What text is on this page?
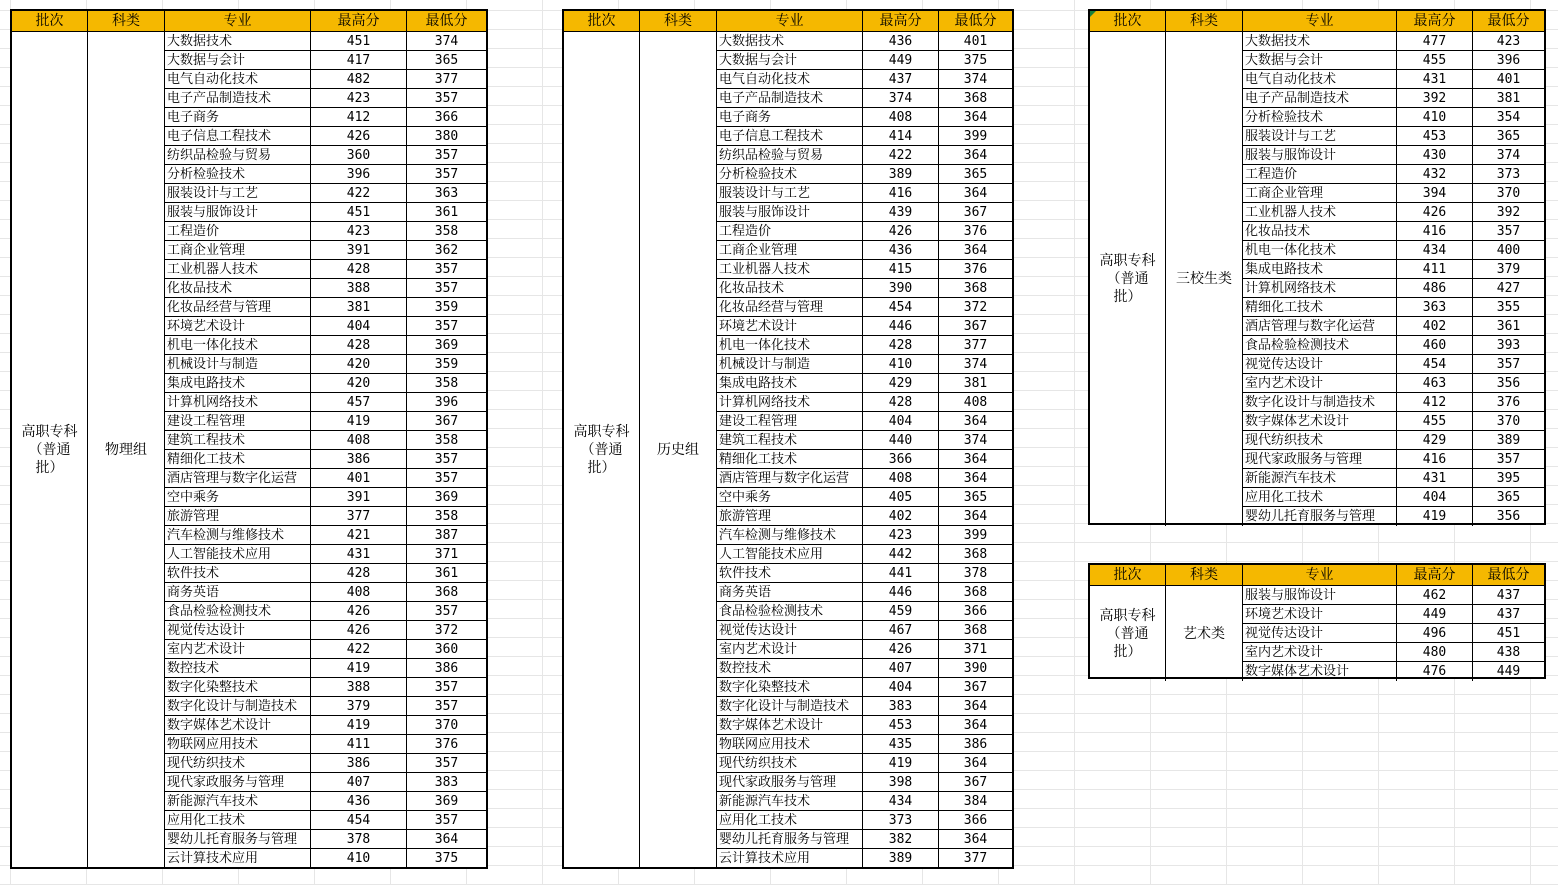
批次	科类	专业	最高分	最低分
高职专科
（普通
批）
物理组
大数据技术	451	374
大数据与会计	417	365
电气自动化技术	482	377
电子产品制造技术	423	357
电子商务	412	366
电子信息工程技术	426	380
纺织品检验与贸易	360	357
分析检验技术	396	357
服装设计与工艺	422	363
服装与服饰设计	451	361
工程造价	423	358
工商企业管理	391	362
工业机器人技术	428	357
化妆品技术	388	357
化妆品经营与管理	381	359
环境艺术设计	404	357
机电一体化技术	428	369
机械设计与制造	420	359
集成电路技术	420	358
计算机网络技术	457	396
建设工程管理	419	367
建筑工程技术	408	358
精细化工技术	386	357
酒店管理与数字化运营	401	357
空中乘务	391	369
旅游管理	377	358
汽车检测与维修技术	421	387
人工智能技术应用	431	371
软件技术	428	361
商务英语	408	368
食品检验检测技术	426	357
视觉传达设计	426	372
室内艺术设计	422	360
数控技术	419	386
数字化染整技术	388	357
数字化设计与制造技术	379	357
数字媒体艺术设计	419	370
物联网应用技术	411	376
现代纺织技术	386	357
现代家政服务与管理	407	383
新能源汽车技术	436	369
应用化工技术	454	357
婴幼儿托育服务与管理	378	364
云计算技术应用	410	375
批次	科类	专业	最高分	最低分
高职专科
（普通
批）
历史组
大数据技术	436	401
大数据与会计	449	375
电气自动化技术	437	374
电子产品制造技术	374	368
电子商务	408	364
电子信息工程技术	414	399
纺织品检验与贸易	422	364
分析检验技术	389	365
服装设计与工艺	416	364
服装与服饰设计	439	367
工程造价	426	376
工商企业管理	436	364
工业机器人技术	415	376
化妆品技术	390	368
化妆品经营与管理	454	372
环境艺术设计	446	367
机电一体化技术	428	377
机械设计与制造	410	374
集成电路技术	429	381
计算机网络技术	428	408
建设工程管理	404	364
建筑工程技术	440	374
精细化工技术	366	364
酒店管理与数字化运营	408	364
空中乘务	405	365
旅游管理	402	364
汽车检测与维修技术	423	399
人工智能技术应用	442	368
软件技术	441	378
商务英语	446	368
食品检验检测技术	459	366
视觉传达设计	467	368
室内艺术设计	426	371
数控技术	407	390
数字化染整技术	404	367
数字化设计与制造技术	383	364
数字媒体艺术设计	453	364
物联网应用技术	435	386
现代纺织技术	419	364
现代家政服务与管理	398	367
新能源汽车技术	434	384
应用化工技术	373	366
婴幼儿托育服务与管理	382	364
云计算技术应用	389	377
批次	科类	专业	最高分	最低分
高职专科
（普通
批）
三校生类
大数据技术	477	423
大数据与会计	455	396
电气自动化技术	431	401
电子产品制造技术	392	381
分析检验技术	410	354
服装设计与工艺	453	365
服装与服饰设计	430	374
工程造价	432	373
工商企业管理	394	370
工业机器人技术	426	392
化妆品技术	416	357
机电一体化技术	434	400
集成电路技术	411	379
计算机网络技术	486	427
精细化工技术	363	355
酒店管理与数字化运营	402	361
食品检验检测技术	460	393
视觉传达设计	454	357
室内艺术设计	463	356
数字化设计与制造技术	412	376
数字媒体艺术设计	455	370
现代纺织技术	429	389
现代家政服务与管理	416	357
新能源汽车技术	431	395
应用化工技术	404	365
婴幼儿托育服务与管理	419	356
批次	科类	专业	最高分	最低分
高职专科
（普通
批）
艺术类
服装与服饰设计	462	437
环境艺术设计	449	437
视觉传达设计	496	451
室内艺术设计	480	438
数字媒体艺术设计	476	449
